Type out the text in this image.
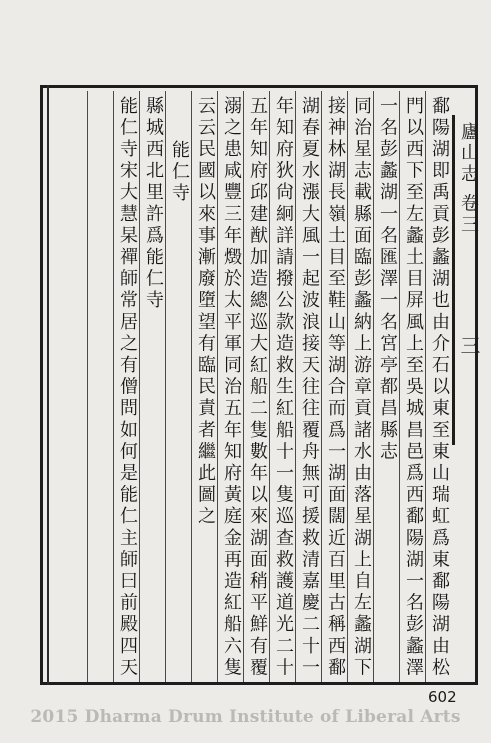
廬山志 卷三
三
鄱陽湖即禹貢彭蠡湖也由介石以東至東山瑞虹爲東鄱陽湖由松
門以西下至左蠡土目屏風上至吳城昌邑爲西鄱陽湖一名彭蠡澤
一名彭蠡湖一名匯澤一名宮亭都昌縣志
同治星志載縣面臨彭蠡納上游章貢諸水由落星湖上自左蠡湖下
接神林湖長嶺土目至鞋山等湖合而爲一湖面闊近百里古稱西鄱
湖春夏水漲大風一起波浪接天往往覆舟無可援救清嘉慶二十一
年知府狄尙絅詳請撥公款造救生紅船十一隻巡查救護道光二十
五年知府邱建猷加造總巡大紅船二隻數年以來湖面稍平鮮有覆
溺之患咸豐三年燬於太平軍同治五年知府黃庭金再造紅船六隻
云云民國以來事漸廢墮望有臨民責者繼此圖之
能仁寺
縣城西北里許爲能仁寺
能仁寺宋大慧杲禪師常居之有僧問如何是能仁主師曰前殿四天
602
2015 Dharma Drum Institute of Liberal Arts
